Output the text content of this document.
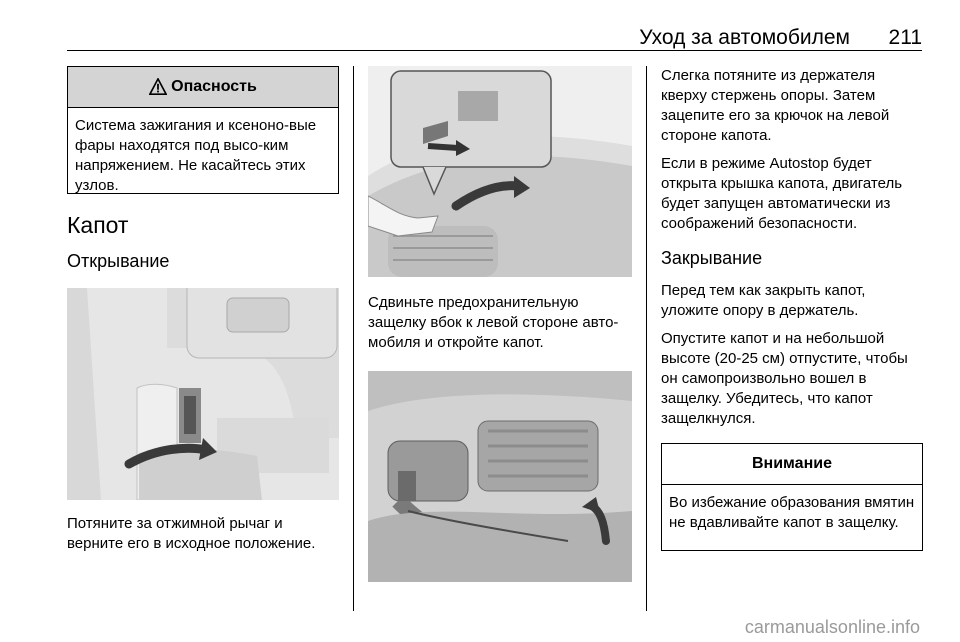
Уход за автомобилем 211
Опасность
Система зажигания и ксеноно-вые фары находятся под высо-ким напряжением. Не касайтесь этих узлов.
Капот
Открывание

Потяните за отжимной рычаг и верните его в исходное положение.

Сдвиньте предохранительную защелку вбок к левой стороне авто-мобиля и откройте капот.

Слегка потяните из держателя кверху стержень опоры. Затем зацепите его за крючок на левой стороне капота.

Если в режиме Autostop будет открыта крышка капота, двигатель будет запущен автоматически из соображений безопасности.

Закрывание

Перед тем как закрыть капот, уложите опору в держатель.

Опустите капот и на небольшой высоте (20-25 см) отпустите, чтобы он самопроизвольно вошел в защелку. Убедитесь, что капот защелкнулся.

Внимание
Во избежание образования вмятин не вдавливайте капот в защелку.
carmanualsonline.info
